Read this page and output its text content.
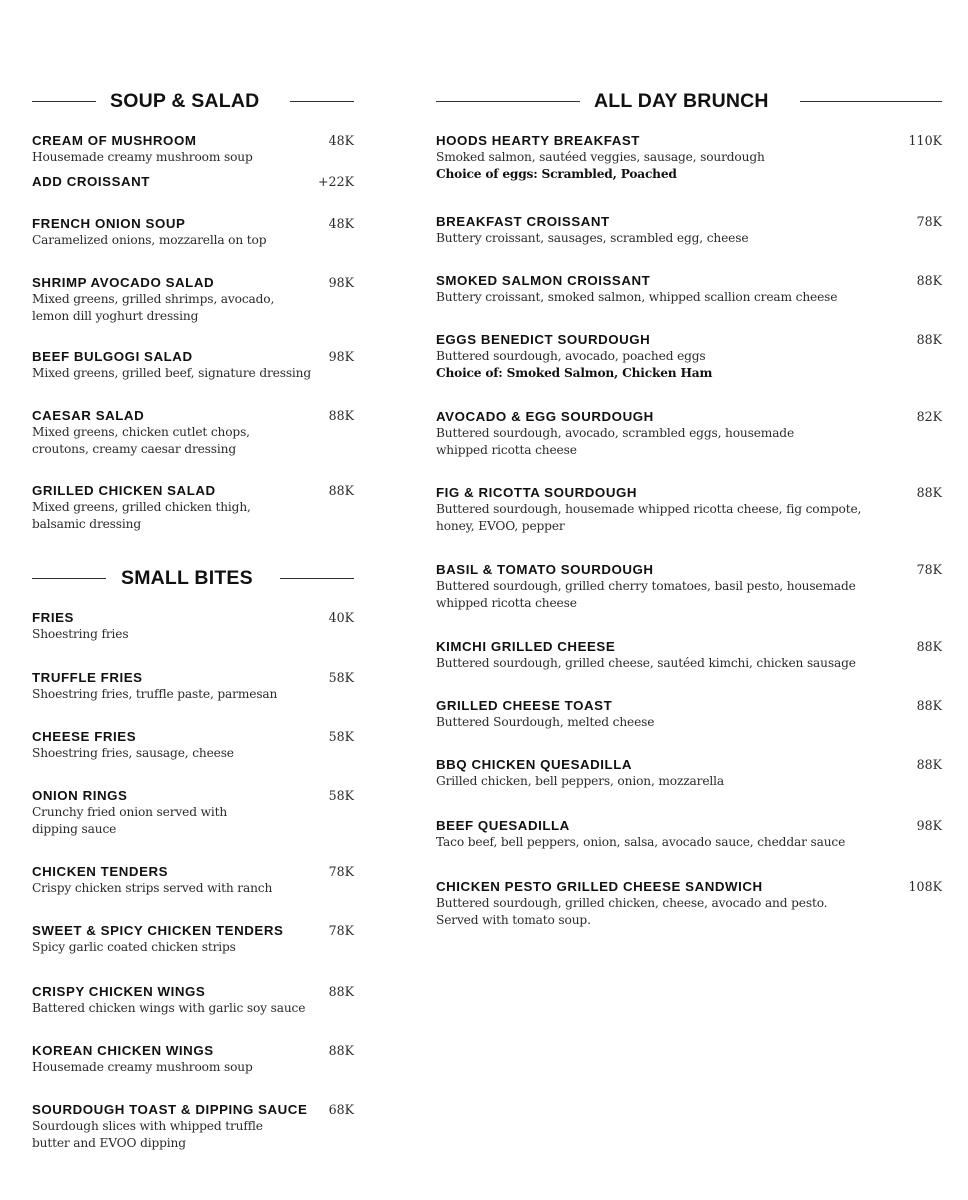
SOUP & SALAD
CREAM OF MUSHROOM
Housemade creamy mushroom soup
48K
ADD CROISSANT	+22K
FRENCH ONION SOUP
Caramelized onions, mozzarella on top
48K
SHRIMP AVOCADO SALAD
Mixed greens, grilled shrimps, avocado,
lemon dill yoghurt dressing
98K
BEEF BULGOGI SALAD
Mixed greens, grilled beef, signature dressing
98K
CAESAR SALAD
Mixed greens, chicken cutlet chops,
croutons, creamy caesar dressing
88K
GRILLED CHICKEN SALAD
Mixed greens, grilled chicken thigh,
balsamic dressing
88K
SMALL BITES
FRIES
Shoestring fries
40K
TRUFFLE FRIES
Shoestring fries, truffle paste, parmesan
58K
CHEESE FRIES
Shoestring fries, sausage, cheese
58K
ONION RINGS
Crunchy fried onion served with
dipping sauce
58K
CHICKEN TENDERS
Crispy chicken strips served with ranch
78K
SWEET & SPICY CHICKEN TENDERS
Spicy garlic coated chicken strips
78K
CRISPY CHICKEN WINGS
Battered chicken wings with garlic soy sauce
88K
KOREAN CHICKEN WINGS
Housemade creamy mushroom soup
88K
SOURDOUGH TOAST & DIPPING SAUCE
Sourdough slices with whipped truffle
butter and EVOO dipping
68K
ALL DAY BRUNCH
HOODS HEARTY BREAKFAST
Smoked salmon, sautéed veggies, sausage, sourdough
Choice of eggs: Scrambled, Poached
110K
BREAKFAST CROISSANT
Buttery croissant, sausages, scrambled egg, cheese
78K
SMOKED SALMON CROISSANT
Buttery croissant, smoked salmon, whipped scallion cream cheese
88K
EGGS BENEDICT SOURDOUGH
Buttered sourdough, avocado, poached eggs
Choice of: Smoked Salmon, Chicken Ham
88K
AVOCADO & EGG SOURDOUGH
Buttered sourdough, avocado, scrambled eggs, housemade
whipped ricotta cheese
82K
FIG & RICOTTA SOURDOUGH
Buttered sourdough, housemade whipped ricotta cheese, fig compote,
honey, EVOO, pepper
88K
BASIL & TOMATO SOURDOUGH
Buttered sourdough, grilled cherry tomatoes, basil pesto, housemade
whipped ricotta cheese
78K
KIMCHI GRILLED CHEESE
Buttered sourdough, grilled cheese, sautéed kimchi, chicken sausage
88K
GRILLED CHEESE TOAST
Buttered Sourdough, melted cheese
88K
BBQ CHICKEN QUESADILLA
Grilled chicken, bell peppers, onion, mozzarella
88K
BEEF QUESADILLA
Taco beef, bell peppers, onion, salsa, avocado sauce, cheddar sauce
98K
CHICKEN PESTO GRILLED CHEESE SANDWICH
Buttered sourdough, grilled chicken, cheese, avocado and pesto.
Served with tomato soup.
108K
